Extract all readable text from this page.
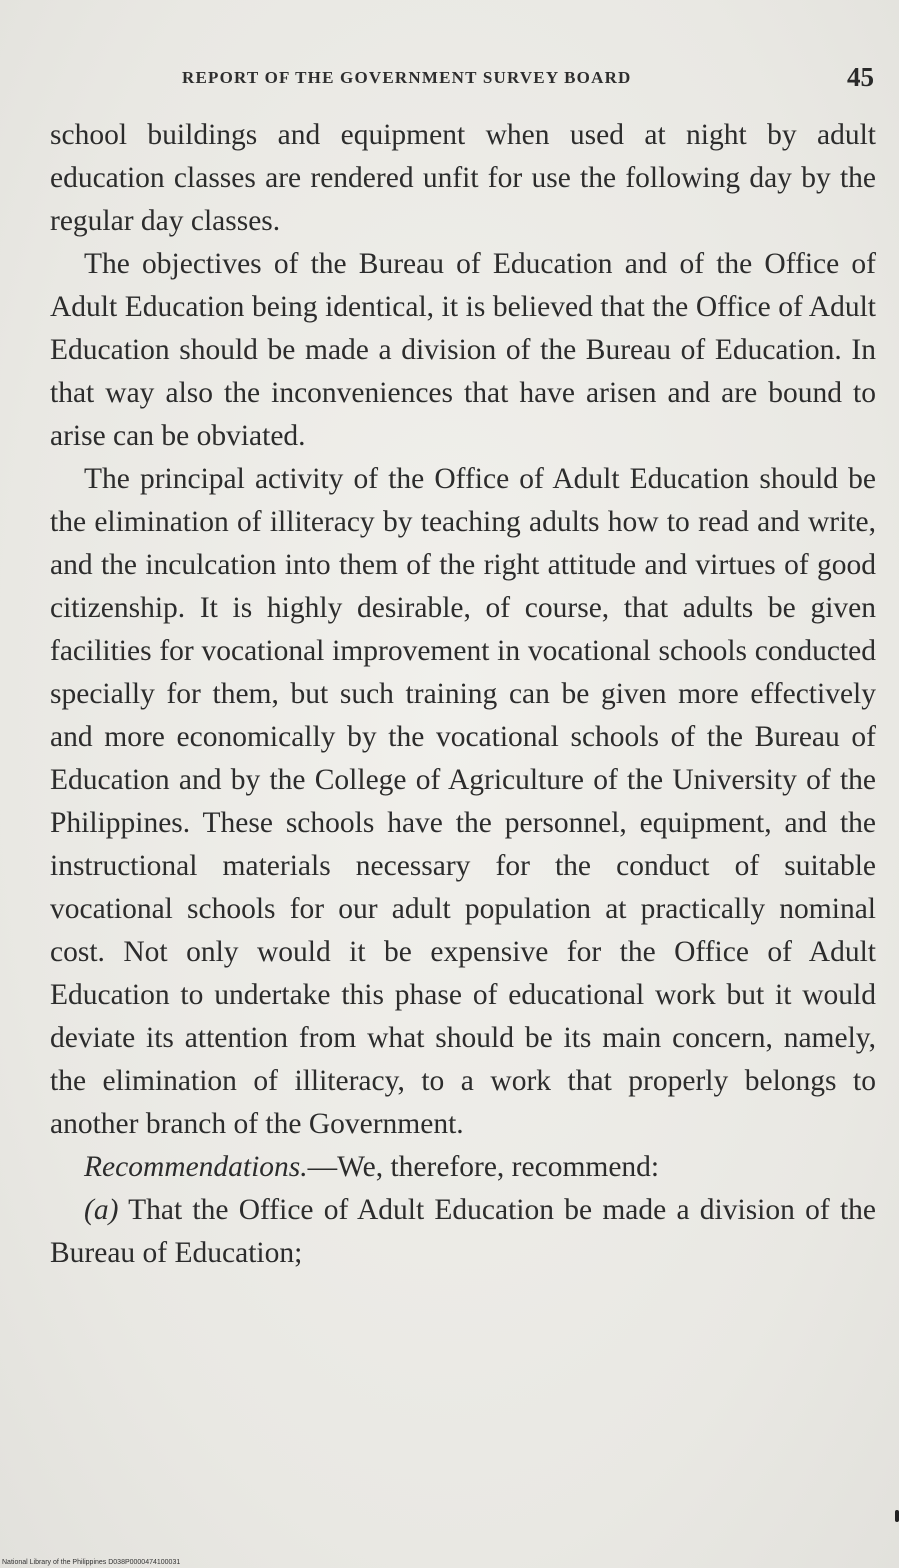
REPORT OF THE GOVERNMENT SURVEY BOARD	45

school buildings and equipment when used at night by adult education classes are rendered unfit for use the following day by the regular day classes.

The objectives of the Bureau of Education and of the Office of Adult Education being identical, it is believed that the Office of Adult Education should be made a division of the Bureau of Education. In that way also the inconveniences that have arisen and are bound to arise can be obviated.

The principal activity of the Office of Adult Education should be the elimination of illiteracy by teaching adults how to read and write, and the inculcation into them of the right attitude and virtues of good citizenship. It is highly desirable, of course, that adults be given facilities for vocational improvement in vocational schools conducted specially for them, but such training can be given more effectively and more economically by the vocational schools of the Bureau of Education and by the College of Agriculture of the University of the Philippines. These schools have the personnel, equipment, and the instructional materials necessary for the conduct of suitable vocational schools for our adult population at practically nominal cost. Not only would it be expensive for the Office of Adult Education to undertake this phase of educational work but it would deviate its attention from what should be its main concern, namely, the elimination of illiteracy, to a work that properly belongs to another branch of the Government.

Recommendations.—We, therefore, recommend:

(a) That the Office of Adult Education be made a division of the Bureau of Education;

National Library of the Philippines D038P0000474100031
